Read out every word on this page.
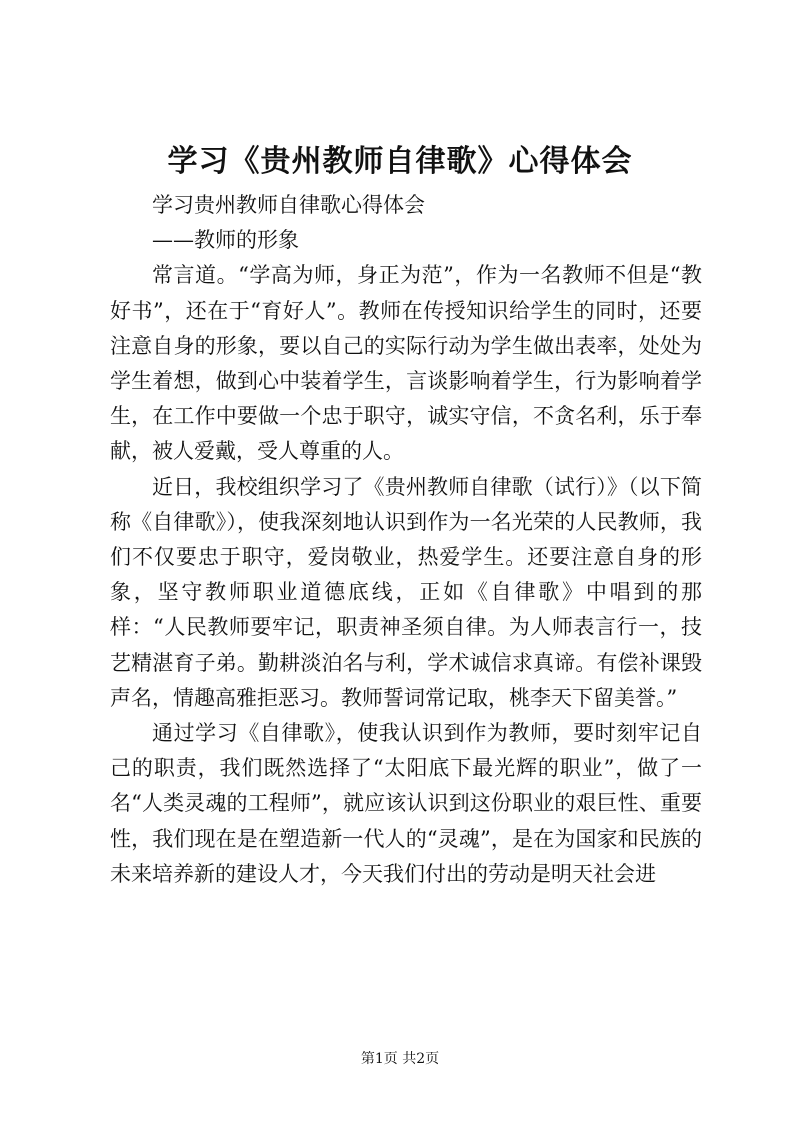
学习《贵州教师自律歌》心得体会

学习贵州教师自律歌心得体会

——教师的形象

常言道。“学高为师，身正为范”，作为一名教师不但是“教好书”，还在于“育好人”。教师在传授知识给学生的同时，还要注意自身的形象，要以自己的实际行动为学生做出表率，处处为学生着想，做到心中装着学生，言谈影响着学生，行为影响着学生，在工作中要做一个忠于职守，诚实守信，不贪名利，乐于奉献，被人爱戴，受人尊重的人。

近日，我校组织学习了《贵州教师自律歌（试行）》（以下简称《自律歌》），使我深刻地认识到作为一名光荣的人民教师，我们不仅要忠于职守，爱岗敬业，热爱学生。还要注意自身的形象，坚守教师职业道德底线，正如《自律歌》中唱到的那样：“人民教师要牢记，职责神圣须自律。为人师表言行一，技艺精湛育子弟。勤耕淡泊名与利，学术诚信求真谛。有偿补课毁声名，情趣高雅拒恶习。教师誓词常记取，桃李天下留美誉。”

通过学习《自律歌》，使我认识到作为教师，要时刻牢记自己的职责，我们既然选择了“太阳底下最光辉的职业”，做了一名“人类灵魂的工程师”，就应该认识到这份职业的艰巨性、重要性，我们现在是在塑造新一代人的“灵魂”，是在为国家和民族的未来培养新的建设人才，今天我们付出的劳动是明天社会进

第1页 共2页
